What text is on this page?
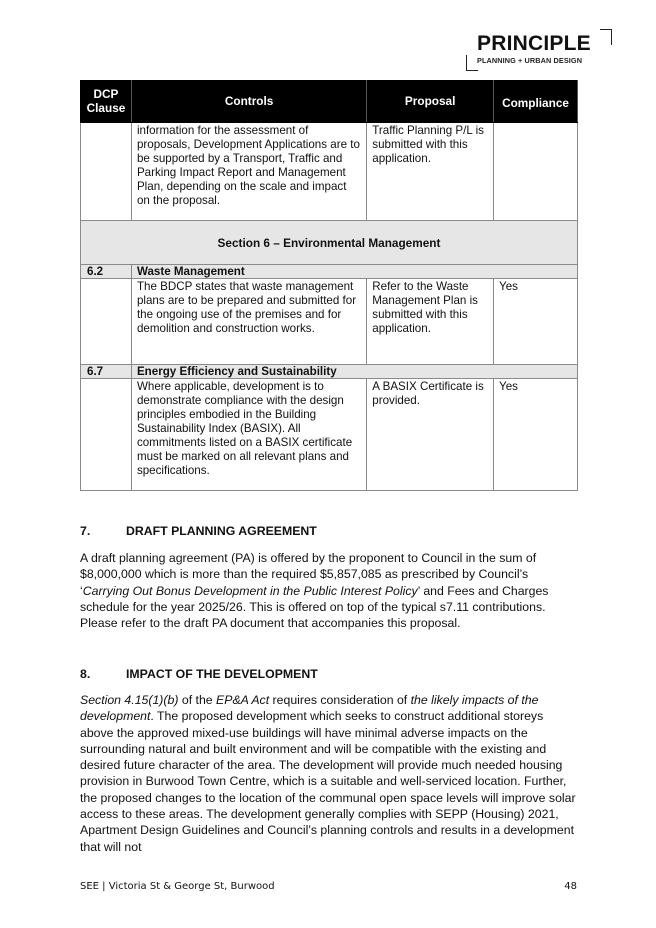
PRINCIPLE
PLANNING + URBAN DESIGN
DCP Clause	Controls	Proposal	Compliance
	information for the assessment of proposals, Development Applications are to be supported by a Transport, Traffic and Parking Impact Report and Management Plan, depending on the scale and impact on the proposal.	Traffic Planning P/L is submitted with this application.	
Section 6 – Environmental Management			
6.2	Waste Management		
	The BDCP states that waste management plans are to be prepared and submitted for the ongoing use of the premises and for demolition and construction works.	Refer to the Waste Management Plan is submitted with this application.	Yes
6.7	Energy Efficiency and Sustainability		
	Where applicable, development is to demonstrate compliance with the design principles embodied in the Building Sustainability Index (BASIX). All commitments listed on a BASIX certificate must be marked on all relevant plans and specifications.	A BASIX Certificate is provided.	Yes
7.	DRAFT PLANNING AGREEMENT

A draft planning agreement (PA) is offered by the proponent to Council in the sum of $8,000,000 which is more than the required $5,857,085 as prescribed by Council’s ‘Carrying Out Bonus Development in the Public Interest Policy’ and Fees and Charges schedule for the year 2025/26. This is offered on top of the typical s7.11 contributions. Please refer to the draft PA document that accompanies this proposal.

8.	IMPACT OF THE DEVELOPMENT

Section 4.15(1)(b) of the EP&A Act requires consideration of the likely impacts of the development. The proposed development which seeks to construct additional storeys above the approved mixed-use buildings will have minimal adverse impacts on the surrounding natural and built environment and will be compatible with the existing and desired future character of the area. The development will provide much needed housing provision in Burwood Town Centre, which is a suitable and well-serviced location. Further, the proposed changes to the location of the communal open space levels will improve solar access to these areas. The development generally complies with SEPP (Housing) 2021, Apartment Design Guidelines and Council’s planning controls and results in a development that will not

SEE | Victoria St & George St, Burwood	48
